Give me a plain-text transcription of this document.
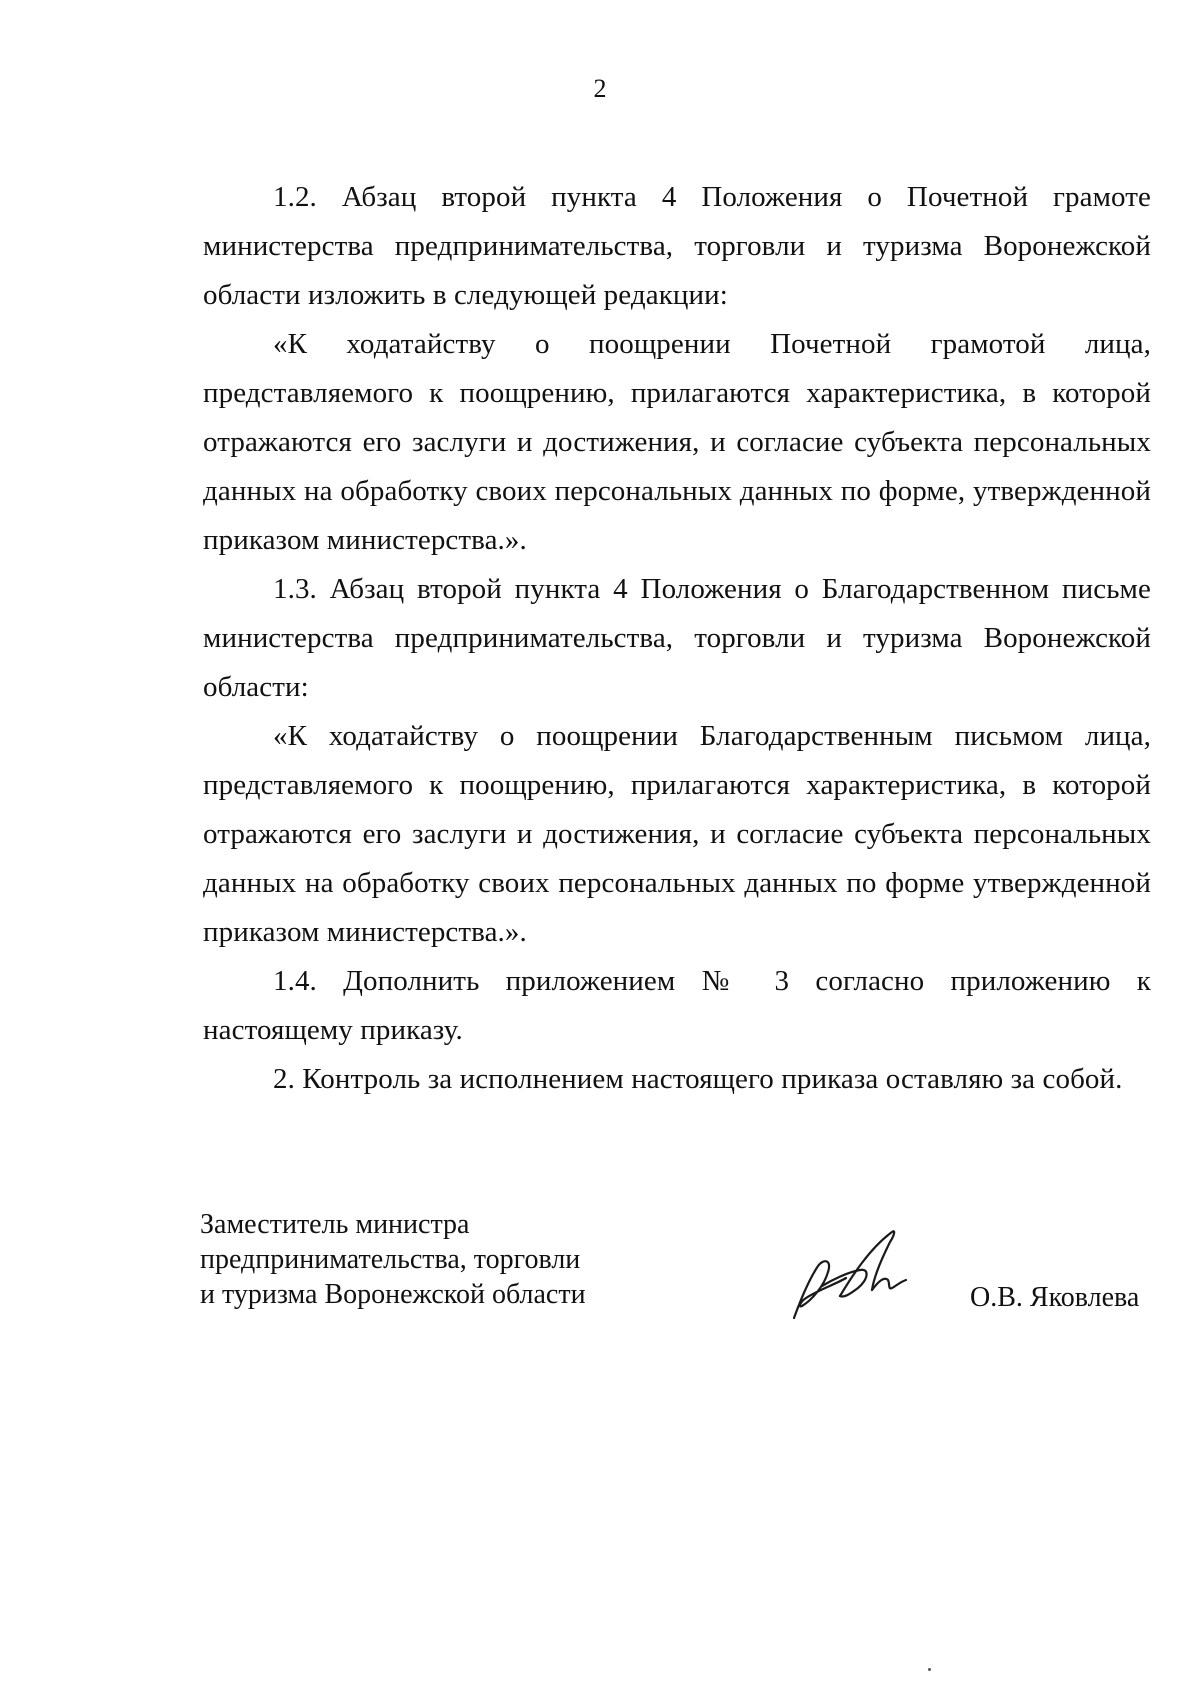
2

1.2. Абзац второй пункта 4 Положения о Почетной грамоте министерства предпринимательства, торговли и туризма Воронежской области изложить в следующей редакции:

«К ходатайству о поощрении Почетной грамотой лица, представляемого к поощрению, прилагаются характеристика, в которой отражаются его заслуги и достижения, и согласие субъекта персональных данных на обработку своих персональных данных по форме, утвержденной приказом министерства.».

1.3. Абзац второй пункта 4 Положения о Благодарственном письме министерства предпринимательства, торговли и туризма Воронежской области:

«К ходатайству о поощрении Благодарственным письмом лица, представляемого к поощрению, прилагаются характеристика, в которой отражаются его заслуги и достижения, и согласие субъекта персональных данных на обработку своих персональных данных по форме утвержденной приказом министерства.».

1.4. Дополнить приложением № 3 согласно приложению к настоящему приказу.

2. Контроль за исполнением настоящего приказа оставляю за собой.

Заместитель министра
предпринимательства, торговли
и туризма Воронежской области	О.В. Яковлева
